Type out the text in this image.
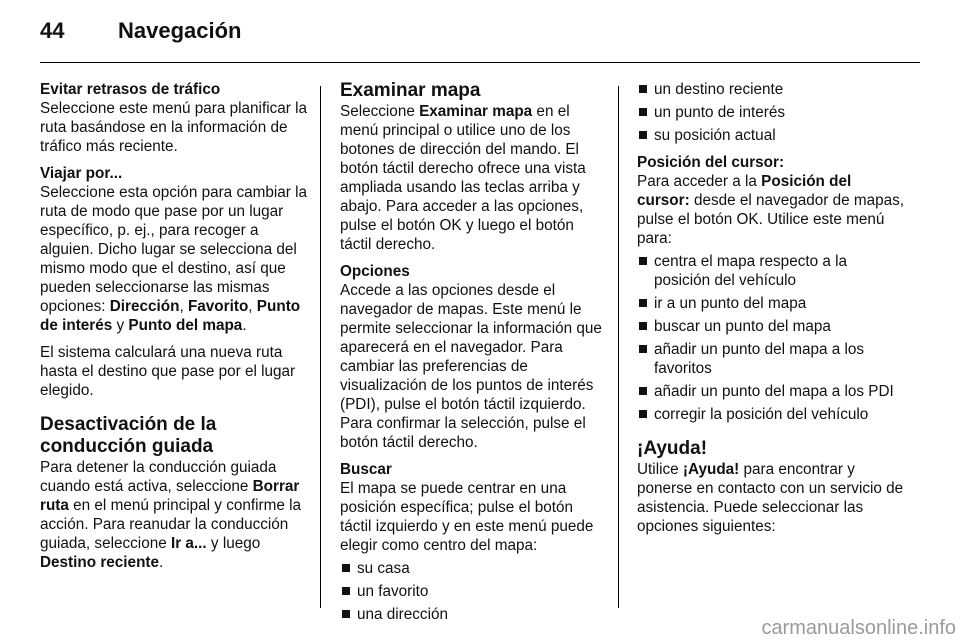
44 Navegación
Evitar retrasos de tráfico

Seleccione este menú para planificar la ruta basándose en la información de tráfico más reciente.

Viajar por...

Seleccione esta opción para cambiar la ruta de modo que pase por un lugar específico, p. ej., para recoger a alguien. Dicho lugar se selecciona del mismo modo que el destino, así que pueden seleccionarse las mismas opciones: Dirección, Favorito, Punto de interés y Punto del mapa.

El sistema calculará una nueva ruta hasta el destino que pase por el lugar elegido.

Desactivación de la conducción guiada

Para detener la conducción guiada cuando está activa, seleccione Borrar ruta en el menú principal y confirme la acción. Para reanudar la conducción guiada, seleccione Ir a... y luego Destino reciente.

Examinar mapa

Seleccione Examinar mapa en el menú principal o utilice uno de los botones de dirección del mando. El botón táctil derecho ofrece una vista ampliada usando las teclas arriba y abajo. Para acceder a las opciones, pulse el botón OK y luego el botón táctil derecho.

Opciones

Accede a las opciones desde el navegador de mapas. Este menú le permite seleccionar la información que aparecerá en el navegador. Para cambiar las preferencias de visualización de los puntos de interés (PDI), pulse el botón táctil izquierdo. Para confirmar la selección, pulse el botón táctil derecho.

Buscar

El mapa se puede centrar en una posición específica; pulse el botón táctil izquierdo y en este menú puede elegir como centro del mapa:

su casa
un favorito
una dirección
un destino reciente
un punto de interés
su posición actual
Posición del cursor:

Para acceder a la Posición del cursor: desde el navegador de mapas, pulse el botón OK. Utilice este menú para:

centra el mapa respecto a la posición del vehículo
ir a un punto del mapa
buscar un punto del mapa
añadir un punto del mapa a los favoritos
añadir un punto del mapa a los PDI
corregir la posición del vehículo
¡Ayuda!

Utilice ¡Ayuda! para encontrar y ponerse en contacto con un servicio de asistencia. Puede seleccionar las opciones siguientes:

carmanualsonline.info
